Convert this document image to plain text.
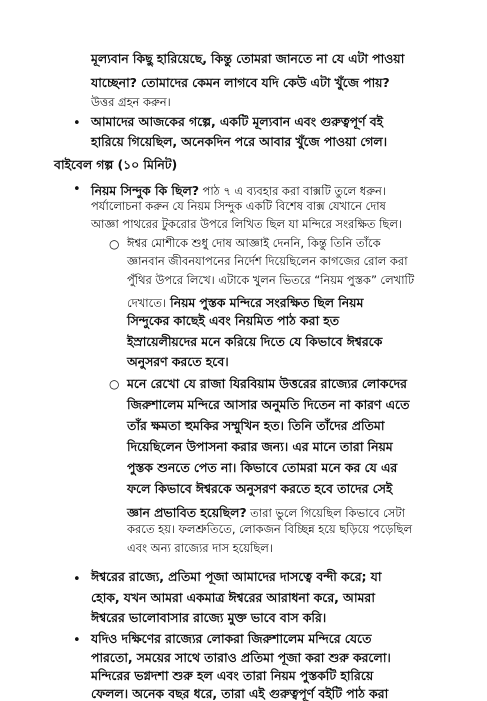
মূল্যবান কিছু হারিয়েছে, কিন্তু তোমরা জানতে না যে এটা পাওয়া
যাচ্ছেনা? তোমাদের কেমন লাগবে যদি কেউ এটা খুঁজে পায়?
উত্তর গ্রহন করুন।
• আমাদের আজকের গল্পে, একটি মূল্যবান এবং গুরুত্বপূর্ণ বই
হারিয়ে গিয়েছিল, অনেকদিন পরে আবার খুঁজে পাওয়া গেল।
বাইবেল গল্প (১০ মিনিট)
• নিয়ম সিন্দুক কি ছিল? পাঠ ৭ এ ব্যবহার করা বাক্সটি তুলে ধরুন।
পর্যালোচনা করুন যে নিয়ম সিন্দুক একটি বিশেষ বাক্স যেখানে দোষ
আজ্ঞা পাথরের টুকরোর উপরে লিখিত ছিল যা মন্দিরে সংরক্ষিত ছিল।
○ ঈশ্বর মোশীকে শুধু দোষ আজ্ঞাই দেননি, কিন্তু তিনি তাঁকে
জ্ঞানবান জীবনযাপনের নির্দেশ দিয়েছিলেন কাগজের রোল করা
পুঁথির উপরে লিখে। এটাকে খুলন ভিতরে “নিয়ম পুস্তক” লেখাটি
দেখাতে। নিয়ম পুস্তক মন্দিরে সংরক্ষিত ছিল নিয়ম
সিন্দুকের কাছেই এবং নিয়মিত পাঠ করা হত
ইস্রায়েলীয়দের মনে করিয়ে দিতে যে কিভাবে ঈশ্বরকে
অনুসরণ করতে হবে।
○ মনে রেখো যে রাজা যিরবিয়াম উত্তরের রাজ্যের লোকদের
জিরুশালেম মন্দিরে আসার অনুমতি দিতেন না কারণ এতে
তাঁর ক্ষমতা হুমকির সম্মুখিন হত। তিনি তাঁদের প্রতিমা
দিয়েছিলেন উপাসনা করার জন্য। এর মানে তারা নিয়ম
পুস্তক শুনতে পেত না। কিভাবে তোমরা মনে কর যে এর
ফলে কিভাবে ঈশ্বরকে অনুসরণ করতে হবে তাদের সেই
জ্ঞান প্রভাবিত হয়েছিল? তারা ভুলে গিয়েছিল কিভাবে সেটা
করতে হয়। ফলশ্রুতিতে, লোকজন বিচ্ছিন্ন হয়ে ছড়িয়ে পড়েছিল
এবং অন্য রাজ্যের দাস হয়েছিল।
• ঈশ্বরের রাজ্যে, প্রতিমা পূজা আমাদের দাসত্বে বন্দী করে; যা
হোক, যখন আমরা একমাত্র ঈশ্বরের আরাধনা করে, আমরা
ঈশ্বরের ভালোবাসার রাজ্যে মুক্ত ভাবে বাস করি।
• যদিও দক্ষিণের রাজ্যের লোকরা জিরুশালেম মন্দিরে যেতে
পারতো, সময়ের সাথে তারাও প্রতিমা পূজা করা শুরু করলো।
মন্দিরের ভগ্নদশা শুরু হল এবং তারা নিয়ম পুস্তকটি হারিয়ে
ফেলল। অনেক বছর ধরে, তারা এই গুরুত্বপূর্ণ বইটি পাঠ করা
